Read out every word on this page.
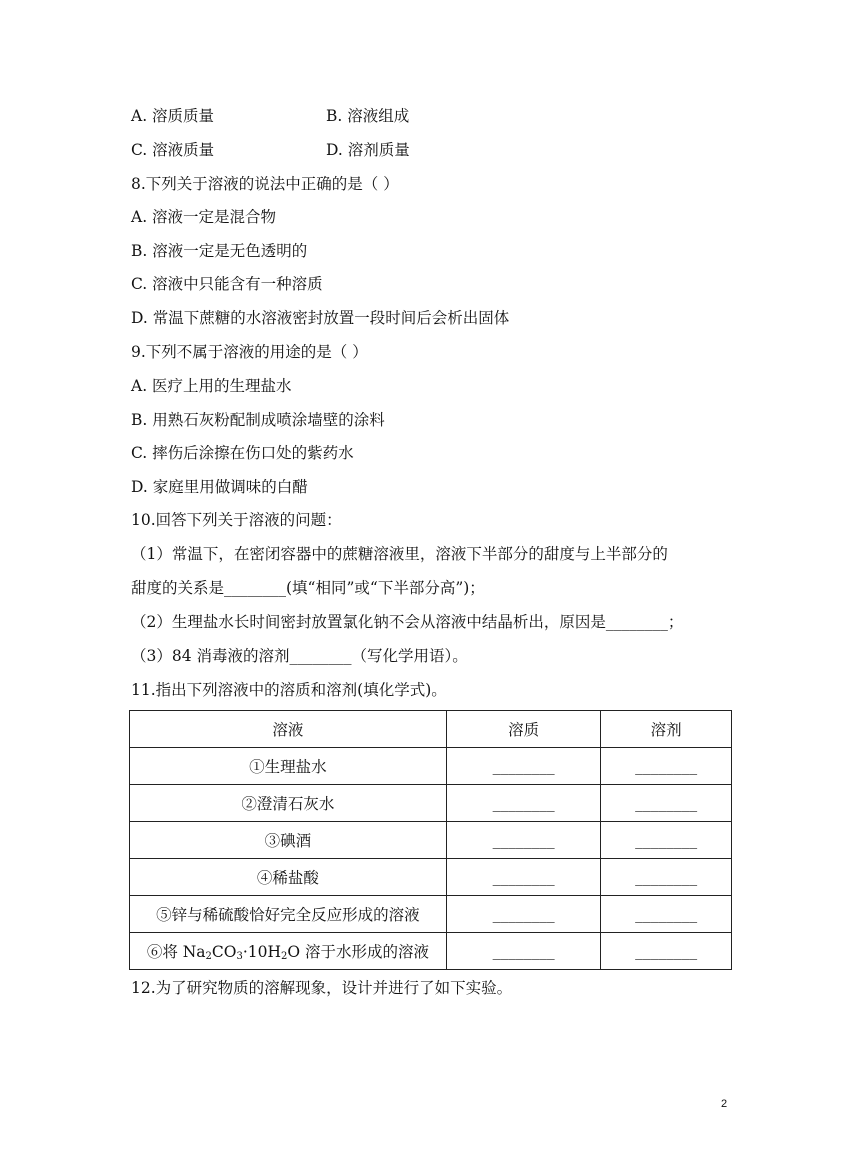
A. 溶质质量	B. 溶液组成
C. 溶液质量	D. 溶剂质量
8.下列关于溶液的说法中正确的是（ ）
A. 溶液一定是混合物
B. 溶液一定是无色透明的
C. 溶液中只能含有一种溶质
D. 常温下蔗糖的水溶液密封放置一段时间后会析出固体
9.下列不属于溶液的用途的是（ ）
A. 医疗上用的生理盐水
B. 用熟石灰粉配制成喷涂墙壁的涂料
C. 摔伤后涂擦在伤口处的紫药水
D. 家庭里用做调味的白醋
10.回答下列关于溶液的问题：
（1）常温下，在密闭容器中的蔗糖溶液里，溶液下半部分的甜度与上半部分的
甜度的关系是________(填“相同”或“下半部分高”)；
（2）生理盐水长时间密封放置氯化钠不会从溶液中结晶析出，原因是________；
（3）84 消毒液的溶剂________（写化学用语）。
11.指出下列溶液中的溶质和溶剂(填化学式)。
溶液	溶质	溶剂
①生理盐水	________	________
②澄清石灰水	________	________
③碘酒	________	________
④稀盐酸	________	________
⑤锌与稀硫酸恰好完全反应形成的溶液	________	________
⑥将 $Na_2CO_3\cdot 10H_2O$ 溶于水形成的溶液	________	________
12.为了研究物质的溶解现象，设计并进行了如下实验。
2
